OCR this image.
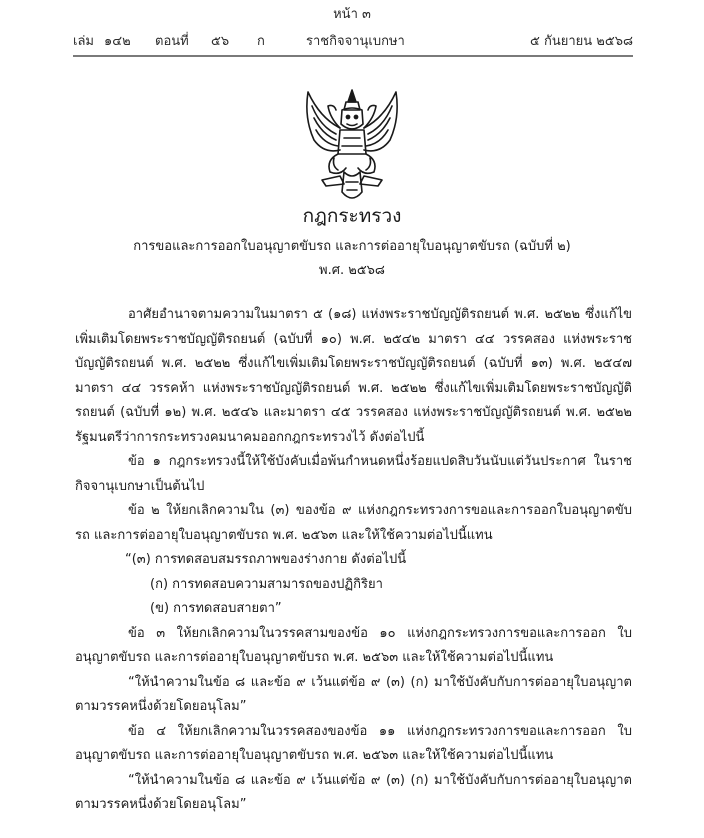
หน้า ๓
เล่ม ๑๔๒ ตอนที่ ๕๖ ก	ราชกิจจานุเบกษา	๕ กันยายน ๒๕๖๘
กฎกระทรวง
การขอและการออกใบอนุญาตขับรถ และการต่ออายุใบอนุญาตขับรถ (ฉบับที่ ๒)
พ.ศ. ๒๕๖๘

อาศัยอำนาจตามความในมาตรา ๕ (๑๘) แห่งพระราชบัญญัติรถยนต์ พ.ศ. ๒๕๒๒ ซึ่งแก้ไขเพิ่มเติมโดยพระราชบัญญัติรถยนต์ (ฉบับที่ ๑๐) พ.ศ. ๒๕๔๒ มาตรา ๔๔ วรรคสอง แห่งพระราชบัญญัติรถยนต์ พ.ศ. ๒๕๒๒ ซึ่งแก้ไขเพิ่มเติมโดยพระราชบัญญัติรถยนต์ (ฉบับที่ ๑๓) พ.ศ. ๒๕๔๗ มาตรา ๔๔ วรรคห้า แห่งพระราชบัญญัติรถยนต์ พ.ศ. ๒๕๒๒ ซึ่งแก้ไขเพิ่มเติมโดยพระราชบัญญัติรถยนต์ (ฉบับที่ ๑๒) พ.ศ. ๒๕๔๖ และมาตรา ๔๕ วรรคสอง แห่งพระราชบัญญัติรถยนต์ พ.ศ. ๒๕๒๒ รัฐมนตรีว่าการกระทรวงคมนาคมออกกฎกระทรวงไว้ ดังต่อไปนี้

ข้อ ๑ กฎกระทรวงนี้ให้ใช้บังคับเมื่อพ้นกำหนดหนึ่งร้อยแปดสิบวันนับแต่วันประกาศ ในราชกิจจานุเบกษาเป็นต้นไป

ข้อ ๒ ให้ยกเลิกความใน (๓) ของข้อ ๙ แห่งกฎกระทรวงการขอและการออกใบอนุญาตขับรถ และการต่ออายุใบอนุญาตขับรถ พ.ศ. ๒๕๖๓ และให้ใช้ความต่อไปนี้แทน

“(๓) การทดสอบสมรรถภาพของร่างกาย ดังต่อไปนี้

(ก) การทดสอบความสามารถของปฏิกิริยา

(ข) การทดสอบสายตา”

ข้อ ๓ ให้ยกเลิกความในวรรคสามของข้อ ๑๐ แห่งกฎกระทรวงการขอและการออก ใบอนุญาตขับรถ และการต่ออายุใบอนุญาตขับรถ พ.ศ. ๒๕๖๓ และให้ใช้ความต่อไปนี้แทน

“ให้นำความในข้อ ๘ และข้อ ๙ เว้นแต่ข้อ ๙ (๓) (ก) มาใช้บังคับกับการต่ออายุใบอนุญาต ตามวรรคหนึ่งด้วยโดยอนุโลม”

ข้อ ๔ ให้ยกเลิกความในวรรคสองของข้อ ๑๑ แห่งกฎกระทรวงการขอและการออก ใบอนุญาตขับรถ และการต่ออายุใบอนุญาตขับรถ พ.ศ. ๒๕๖๓ และให้ใช้ความต่อไปนี้แทน

“ให้นำความในข้อ ๘ และข้อ ๙ เว้นแต่ข้อ ๙ (๓) (ก) มาใช้บังคับกับการต่ออายุใบอนุญาต ตามวรรคหนึ่งด้วยโดยอนุโลม”
